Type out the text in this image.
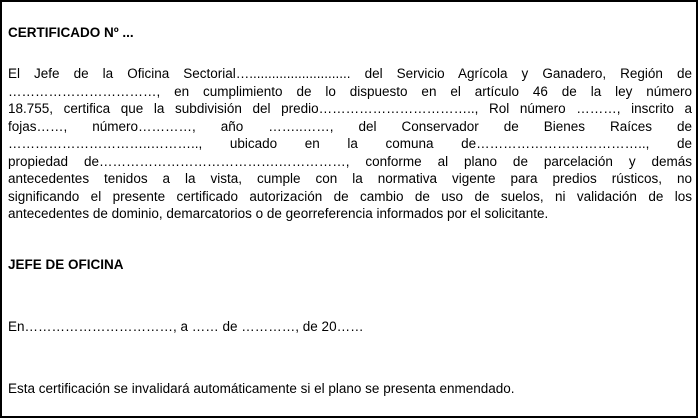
CERTIFICADO Nº ...
El Jefe de la Oficina Sectorial…........................... del Servicio Agrícola y Ganadero, Región de
……………………………, en cumplimiento de lo dispuesto en el artículo 46 de la ley número
18.755, certifica que la subdivisión del predio…………………………….., Rol número ………, inscrito a
fojas……, número…………, año ……..……, del Conservador de Bienes Raíces de
…………………………..……….., ubicado en la comuna de……………………………….., de
propiedad de………………………………….……………, conforme al plano de parcelación y demás
antecedentes tenidos a la vista, cumple con la normativa vigente para predios rústicos, no
significando el presente certificado autorización de cambio de uso de suelos, ni validación de los
antecedentes de dominio, demarcatorios o de georreferencia informados por el solicitante.
JEFE DE OFICINA
En……………………………, a …… de …………, de 20……
Esta certificación se invalidará automáticamente si el plano se presenta enmendado.
